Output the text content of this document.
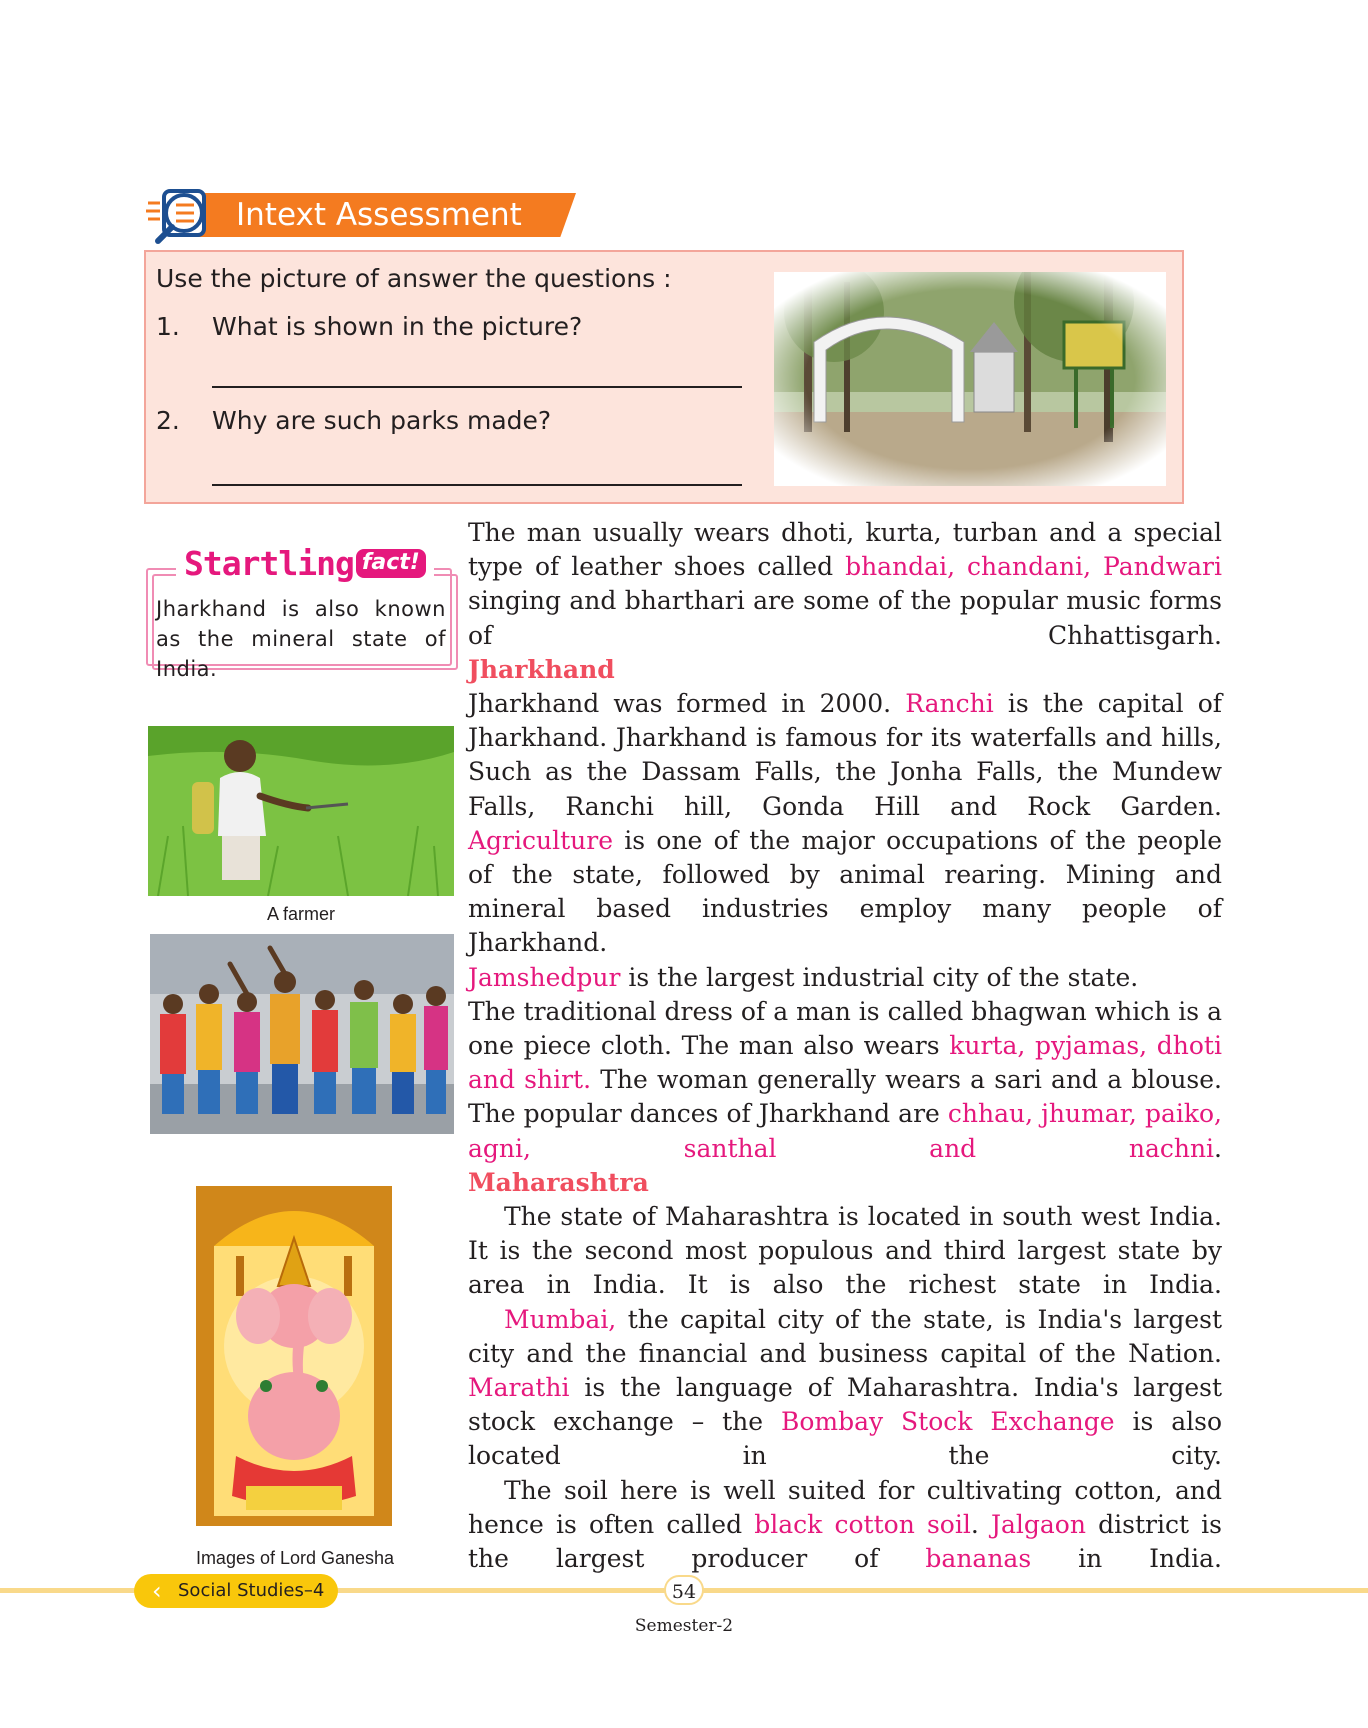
Intext Assessment
Use the picture of answer the questions :
1. What is shown in the picture?
2. Why are such parks made?
Startling fact!
Jharkhand is also known as the mineral state of India.
A farmer
Images of Lord Ganesha

The man usually wears dhoti, kurta, turban and a special type of leather shoes called bhandai, chandani, Pandwari singing and bharthari are some of the popular music forms of Chhattisgarh.

Jharkhand

Jharkhand was formed in 2000. Ranchi is the capital of Jharkhand. Jharkhand is famous for its waterfalls and hills, Such as the Dassam Falls, the Jonha Falls, the Mundew Falls, Ranchi hill, Gonda Hill and Rock Garden.

Agriculture is one of the major occupations of the people of the state, followed by animal rearing. Mining and mineral based industries employ many people of Jharkhand.

Jamshedpur is the largest industrial city of the state.

The traditional dress of a man is called bhagwan which is a one piece cloth. The man also wears kurta, pyjamas, dhoti and shirt. The woman generally wears a sari and a blouse. The popular dances of Jharkhand are chhau, jhumar, paiko, agni, santhal and nachni.

Maharashtra

The state of Maharashtra is located in south west India. It is the second most populous and third largest state by area in India. It is also the richest state in India.

Mumbai, the capital city of the state, is India's largest city and the financial and business capital of the Nation. Marathi is the language of Maharashtra. India's largest stock exchange – the Bombay Stock Exchange is also located in the city.

The soil here is well suited for cultivating cotton, and hence is often called black cotton soil. Jalgaon district is the largest producer of bananas in India.

‹ Social Studies–4	54
Semester-2
